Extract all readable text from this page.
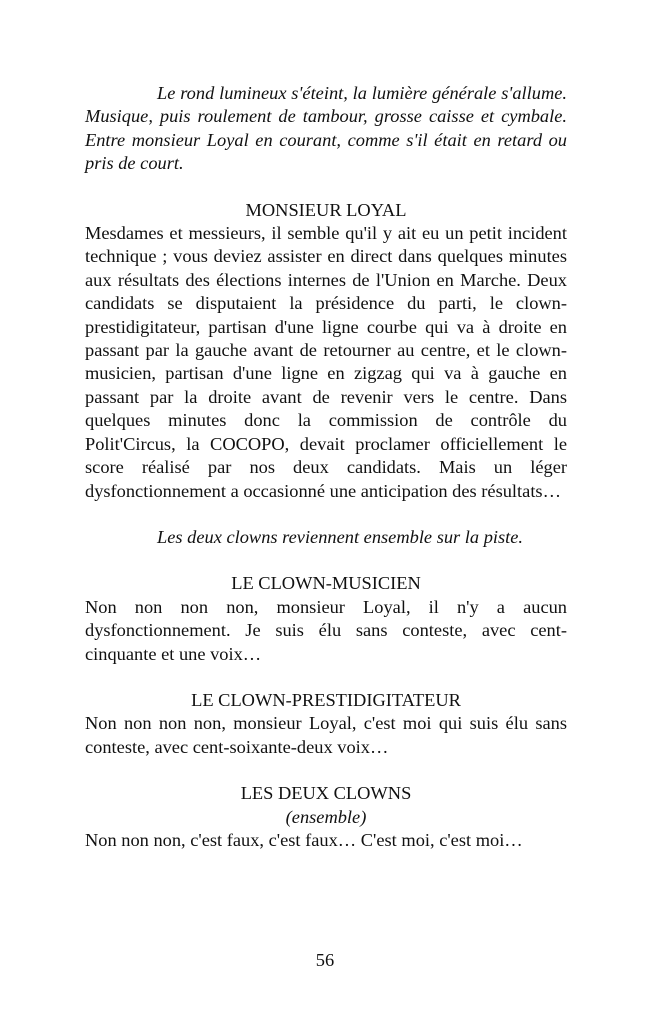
Le rond lumineux s'éteint, la lumière générale s'allume. Musique, puis roulement de tambour, grosse caisse et cymbale. Entre monsieur Loyal en courant, comme s'il était en retard ou pris de court.

MONSIEUR LOYAL

Mesdames et messieurs, il semble qu'il y ait eu un petit incident technique ; vous deviez assister en direct dans quelques minutes aux résultats des élections internes de l'Union en Marche. Deux candidats se disputaient la présidence du parti, le clown-prestidigitateur, partisan d'une ligne courbe qui va à droite en passant par la gauche avant de retourner au centre, et le clown-musicien, partisan d'une ligne en zigzag qui va à gauche en passant par la droite avant de revenir vers le centre. Dans quelques minutes donc la commission de contrôle du Polit'Circus, la COCOPO, devait proclamer officiellement le score réalisé par nos deux candidats. Mais un léger dysfonctionnement a occasionné une anticipation des résultats…

Les deux clowns reviennent ensemble sur la piste.

LE CLOWN-MUSICIEN

Non non non non, monsieur Loyal, il n'y a aucun dysfonctionnement. Je suis élu sans conteste, avec cent-cinquante et une voix…

LE CLOWN-PRESTIDIGITATEUR

Non non non non, monsieur Loyal, c'est moi qui suis élu sans conteste, avec cent-soixante-deux voix…

LES DEUX CLOWNS

(ensemble)

Non non non, c'est faux, c'est faux… C'est moi, c'est moi…

56
